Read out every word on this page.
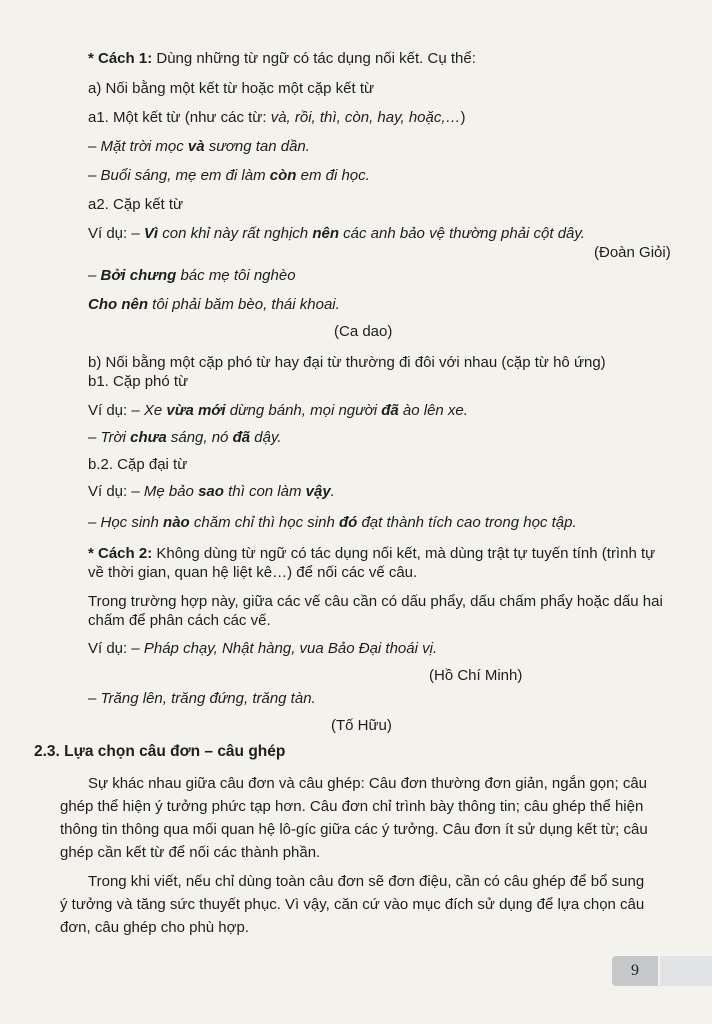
* Cách 1: Dùng những từ ngữ có tác dụng nối kết. Cụ thể:
a) Nối bằng một kết từ hoặc một cặp kết từ
a1. Một kết từ (như các từ: và, rồi, thì, còn, hay, hoặc,…)
– Mặt trời mọc và sương tan dần.
– Buổi sáng, mẹ em đi làm còn em đi học.
a2. Cặp kết từ
Ví dụ: – Vì con khỉ này rất nghịch nên các anh bảo vệ thường phải cột dây.
(Đoàn Giỏi)
– Bởi chưng bác mẹ tôi nghèo
Cho nên tôi phải băm bèo, thái khoai.
(Ca dao)
b) Nối bằng một cặp phó từ hay đại từ thường đi đôi với nhau (cặp từ hô ứng)
b1. Cặp phó từ
Ví dụ: – Xe vừa mới dừng bánh, mọi người đã ào lên xe.
– Trời chưa sáng, nó đã dậy.
b.2. Cặp đại từ
Ví dụ: – Mẹ bảo sao thì con làm vậy.
– Học sinh nào chăm chỉ thì học sinh đó đạt thành tích cao trong học tập.
* Cách 2: Không dùng từ ngữ có tác dụng nối kết, mà dùng trật tự tuyến tính (trình tự
về thời gian, quan hệ liệt kê…) để nối các vế câu.
Trong trường hợp này, giữa các vế câu cần có dấu phẩy, dấu chấm phẩy hoặc dấu hai
chấm để phân cách các vế.
Ví dụ: – Pháp chạy, Nhật hàng, vua Bảo Đại thoái vị.
(Hồ Chí Minh)
– Trăng lên, trăng đứng, trăng tàn.
(Tố Hữu)
2.3. Lựa chọn câu đơn – câu ghép
Sự khác nhau giữa câu đơn và câu ghép: Câu đơn thường đơn giản, ngắn gọn; câu
ghép thể hiện ý tưởng phức tạp hơn. Câu đơn chỉ trình bày thông tin; câu ghép thể hiện
thông tin thông qua mối quan hệ lô-gíc giữa các ý tưởng. Câu đơn ít sử dụng kết từ; câu
ghép cần kết từ để nối các thành phần.
Trong khi viết, nếu chỉ dùng toàn câu đơn sẽ đơn điệu, cần có câu ghép để bổ sung
ý tưởng và tăng sức thuyết phục. Vì vậy, căn cứ vào mục đích sử dụng để lựa chọn câu
đơn, câu ghép cho phù hợp.
9
